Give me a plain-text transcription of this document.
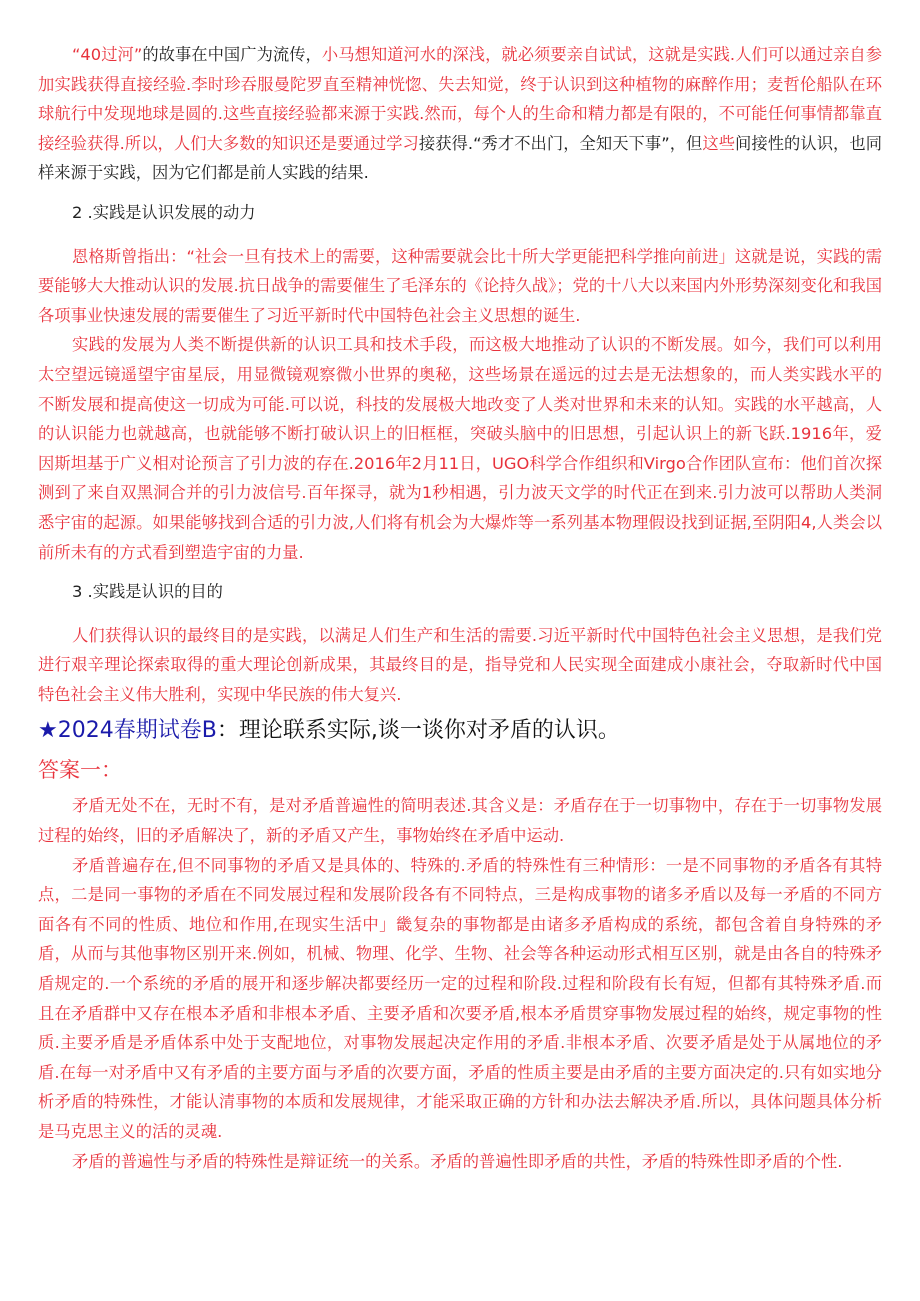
“40过河”的故事在中国广为流传，小马想知道河水的深浅，就必须要亲自试试，这就是实践.人们可以通过亲自参加实践获得直接经验.李时珍吞服曼陀罗直至精神恍惚、失去知觉，终于认识到这种植物的麻醉作用；麦哲伦船队在环球航行中发现地球是圆的.这些直接经验都来源于实践.然而，每个人的生命和精力都是有限的，不可能任何事情都靠直接经验获得.所以，人们大多数的知识还是要通过学习接获得.“秀才不出门，全知天下事”，但这些间接性的认识，也同样来源于实践，因为它们都是前人实践的结果.

2 .实践是认识发展的动力

恩格斯曾指出：“社会一旦有技术上的需要，这种需要就会比十所大学更能把科学推向前进」这就是说，实践的需要能够大大推动认识的发展.抗日战争的需要催生了毛泽东的《论持久战》；党的十八大以来国内外形势深刻变化和我国各项事业快速发展的需要催生了习近平新时代中国特色社会主义思想的诞生.

实践的发展为人类不断提供新的认识工具和技术手段，而这极大地推动了认识的不断发展。如今，我们可以利用太空望远镜遥望宇宙星辰，用显微镜观察微小世界的奥秘，这些场景在遥远的过去是无法想象的，而人类实践水平的不断发展和提高使这一切成为可能.可以说，科技的发展极大地改变了人类对世界和未来的认知。实践的水平越高，人的认识能力也就越高，也就能够不断打破认识上的旧框框，突破头脑中的旧思想，引起认识上的新飞跃.1916年，爱因斯坦基于广义相对论预言了引力波的存在.2016年2月11日，UGO科学合作组织和Virgo合作团队宣布：他们首次探测到了来自双黑洞合并的引力波信号.百年探寻，就为1秒相遇，引力波天文学的时代正在到来.引力波可以帮助人类洞悉宇宙的起源。如果能够找到合适的引力波,人们将有机会为大爆炸等一系列基本物理假设找到证据,至阴阳4,人类会以前所未有的方式看到塑造宇宙的力量.

3 .实践是认识的目的

人们获得认识的最终目的是实践，以满足人们生产和生活的需要.习近平新时代中国特色社会主义思想，是我们党进行艰辛理论探索取得的重大理论创新成果，其最终目的是，指导党和人民实现全面建成小康社会，夺取新时代中国特色社会主义伟大胜利，实现中华民族的伟大复兴.

★2024春期试卷B：理论联系实际,谈一谈你对矛盾的认识。

答案一：

矛盾无处不在，无时不有，是对矛盾普遍性的简明表述.其含义是：矛盾存在于一切事物中，存在于一切事物发展过程的始终，旧的矛盾解决了，新的矛盾又产生，事物始终在矛盾中运动.

矛盾普遍存在,但不同事物的矛盾又是具体的、特殊的.矛盾的特殊性有三种情形：一是不同事物的矛盾各有其特点，二是同一事物的矛盾在不同发展过程和发展阶段各有不同特点，三是构成事物的诸多矛盾以及每一矛盾的不同方面各有不同的性质、地位和作用,在现实生活中」畿复杂的事物都是由诸多矛盾构成的系统，都包含着自身特殊的矛盾，从而与其他事物区别开来.例如，机械、物理、化学、生物、社会等各种运动形式相互区别，就是由各自的特殊矛盾规定的.一个系统的矛盾的展开和逐步解决都要经历一定的过程和阶段.过程和阶段有长有短，但都有其特殊矛盾.而且在矛盾群中又存在根本矛盾和非根本矛盾、主要矛盾和次要矛盾,根本矛盾贯穿事物发展过程的始终，规定事物的性质.主要矛盾是矛盾体系中处于支配地位，对事物发展起决定作用的矛盾.非根本矛盾、次要矛盾是处于从属地位的矛盾.在每一对矛盾中又有矛盾的主要方面与矛盾的次要方面，矛盾的性质主要是由矛盾的主要方面决定的.只有如实地分析矛盾的特殊性，才能认清事物的本质和发展规律，才能采取正确的方针和办法去解决矛盾.所以，具体问题具体分析是马克思主义的活的灵魂.

矛盾的普遍性与矛盾的特殊性是辩证统一的关系。矛盾的普遍性即矛盾的共性，矛盾的特殊性即矛盾的个性.
